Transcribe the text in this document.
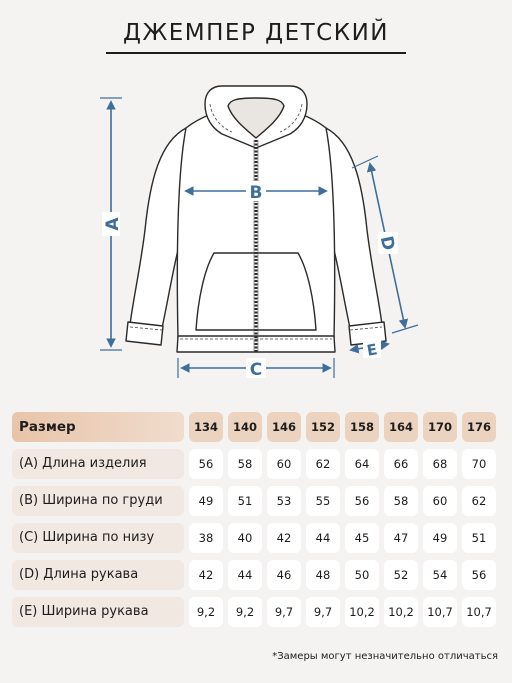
ДЖЕМПЕР ДЕТСКИЙ
A
B
C
D
E
Размер	134	140	146	152	158	164	170	176
(A) Длина изделия	56	58	60	62	64	66	68	70
(B) Ширина по груди	49	51	53	55	56	58	60	62
(C) Ширина по низу	38	40	42	44	45	47	49	51
(D) Длина рукава	42	44	46	48	50	52	54	56
(E) Ширина рукава	9,2	9,2	9,7	9,7	10,2	10,2	10,7	10,7
*Замеры могут незначительно отличаться
